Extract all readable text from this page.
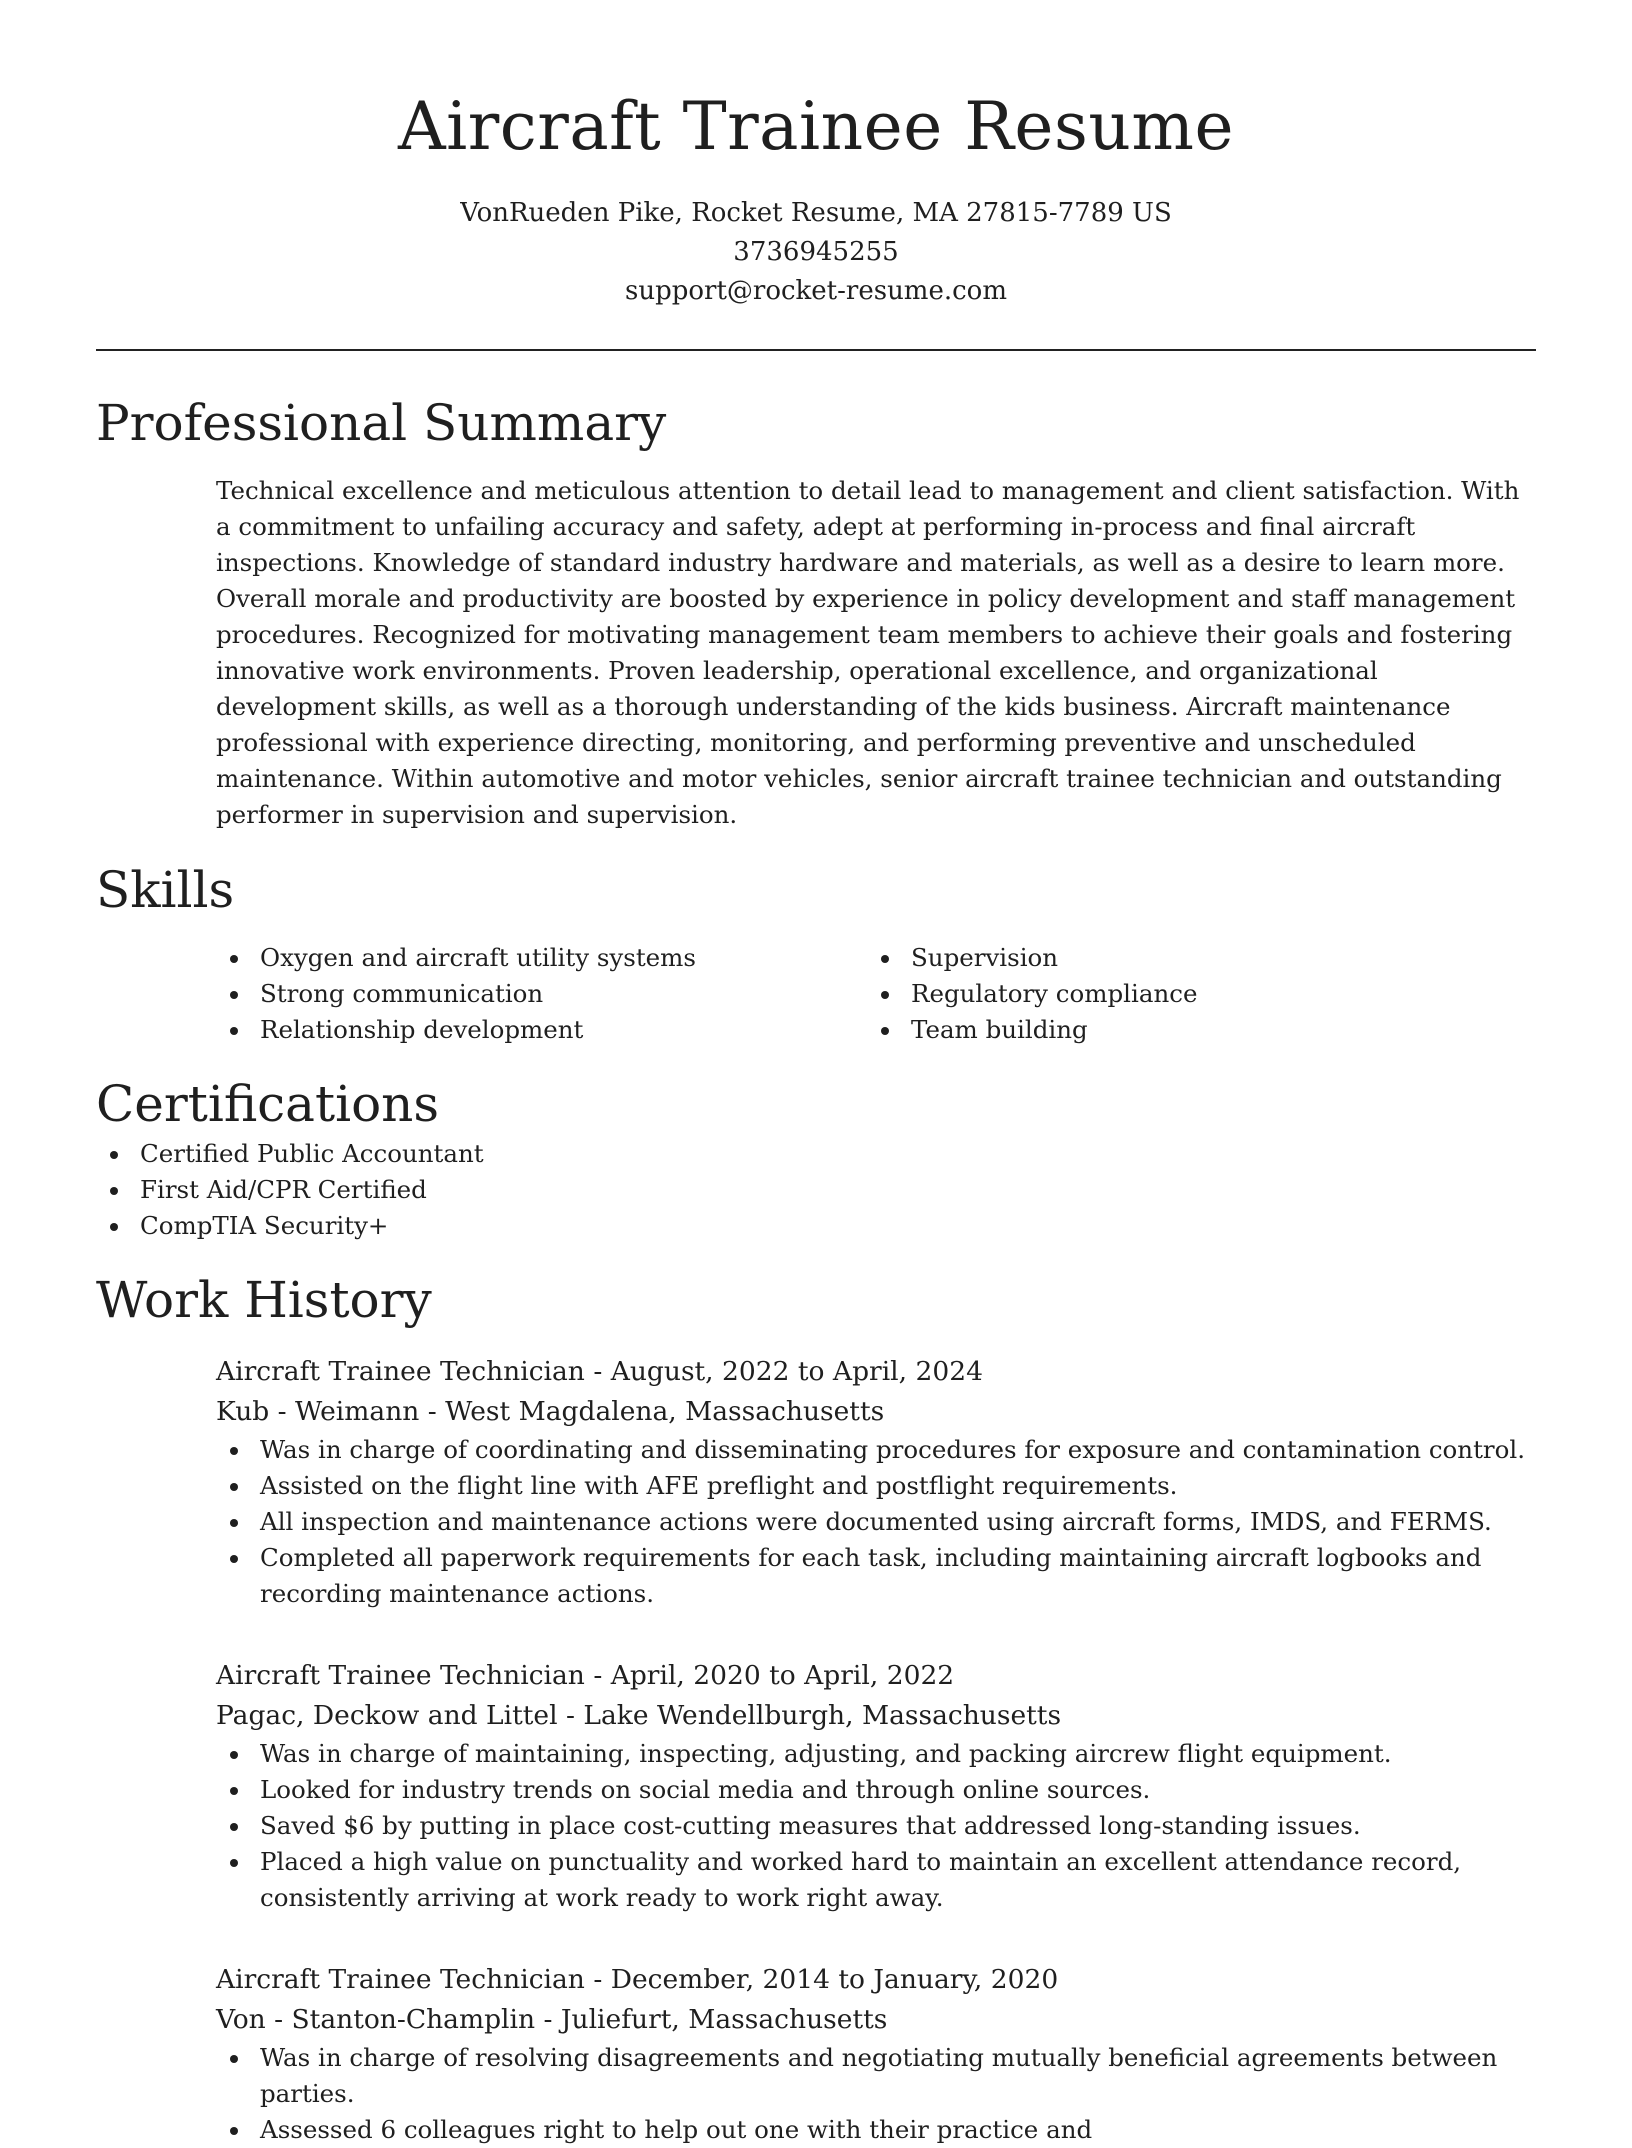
Aircraft Trainee Resume
VonRueden Pike, Rocket Resume, MA 27815-7789 US
3736945255
support@rocket-resume.com
Professional Summary

Technical excellence and meticulous attention to detail lead to management and client satisfaction. With a commitment to unfailing accuracy and safety, adept at performing in-process and final aircraft inspections. Knowledge of standard industry hardware and materials, as well as a desire to learn more. Overall morale and productivity are boosted by experience in policy development and staff management procedures. Recognized for motivating management team members to achieve their goals and fostering innovative work environments. Proven leadership, operational excellence, and organizational development skills, as well as a thorough understanding of the kids business. Aircraft maintenance professional with experience directing, monitoring, and performing preventive and unscheduled maintenance. Within automotive and motor vehicles, senior aircraft trainee technician and outstanding performer in supervision and supervision.

Skills
Oxygen and aircraft utility systems
Strong communication
Relationship development
Supervision
Regulatory compliance
Team building
Certifications
Certified Public Accountant
First Aid/CPR Certified
CompTIA Security+
Work History
Aircraft Trainee Technician - August, 2022 to April, 2024
Kub - Weimann - West Magdalena, Massachusetts
Was in charge of coordinating and disseminating procedures for exposure and contamination control.
Assisted on the flight line with AFE preflight and postflight requirements.
All inspection and maintenance actions were documented using aircraft forms, IMDS, and FERMS.
Completed all paperwork requirements for each task, including maintaining aircraft logbooks and recording maintenance actions.
Aircraft Trainee Technician - April, 2020 to April, 2022
Pagac, Deckow and Littel - Lake Wendellburgh, Massachusetts
Was in charge of maintaining, inspecting, adjusting, and packing aircrew flight equipment.
Looked for industry trends on social media and through online sources.
Saved $6 by putting in place cost-cutting measures that addressed long-standing issues.
Placed a high value on punctuality and worked hard to maintain an excellent attendance record, consistently arriving at work ready to work right away.
Aircraft Trainee Technician - December, 2014 to January, 2020
Von - Stanton-Champlin - Juliefurt, Massachusetts
Was in charge of resolving disagreements and negotiating mutually beneficial agreements between parties.
Assessed 6 colleagues right to help out one with their practice and
